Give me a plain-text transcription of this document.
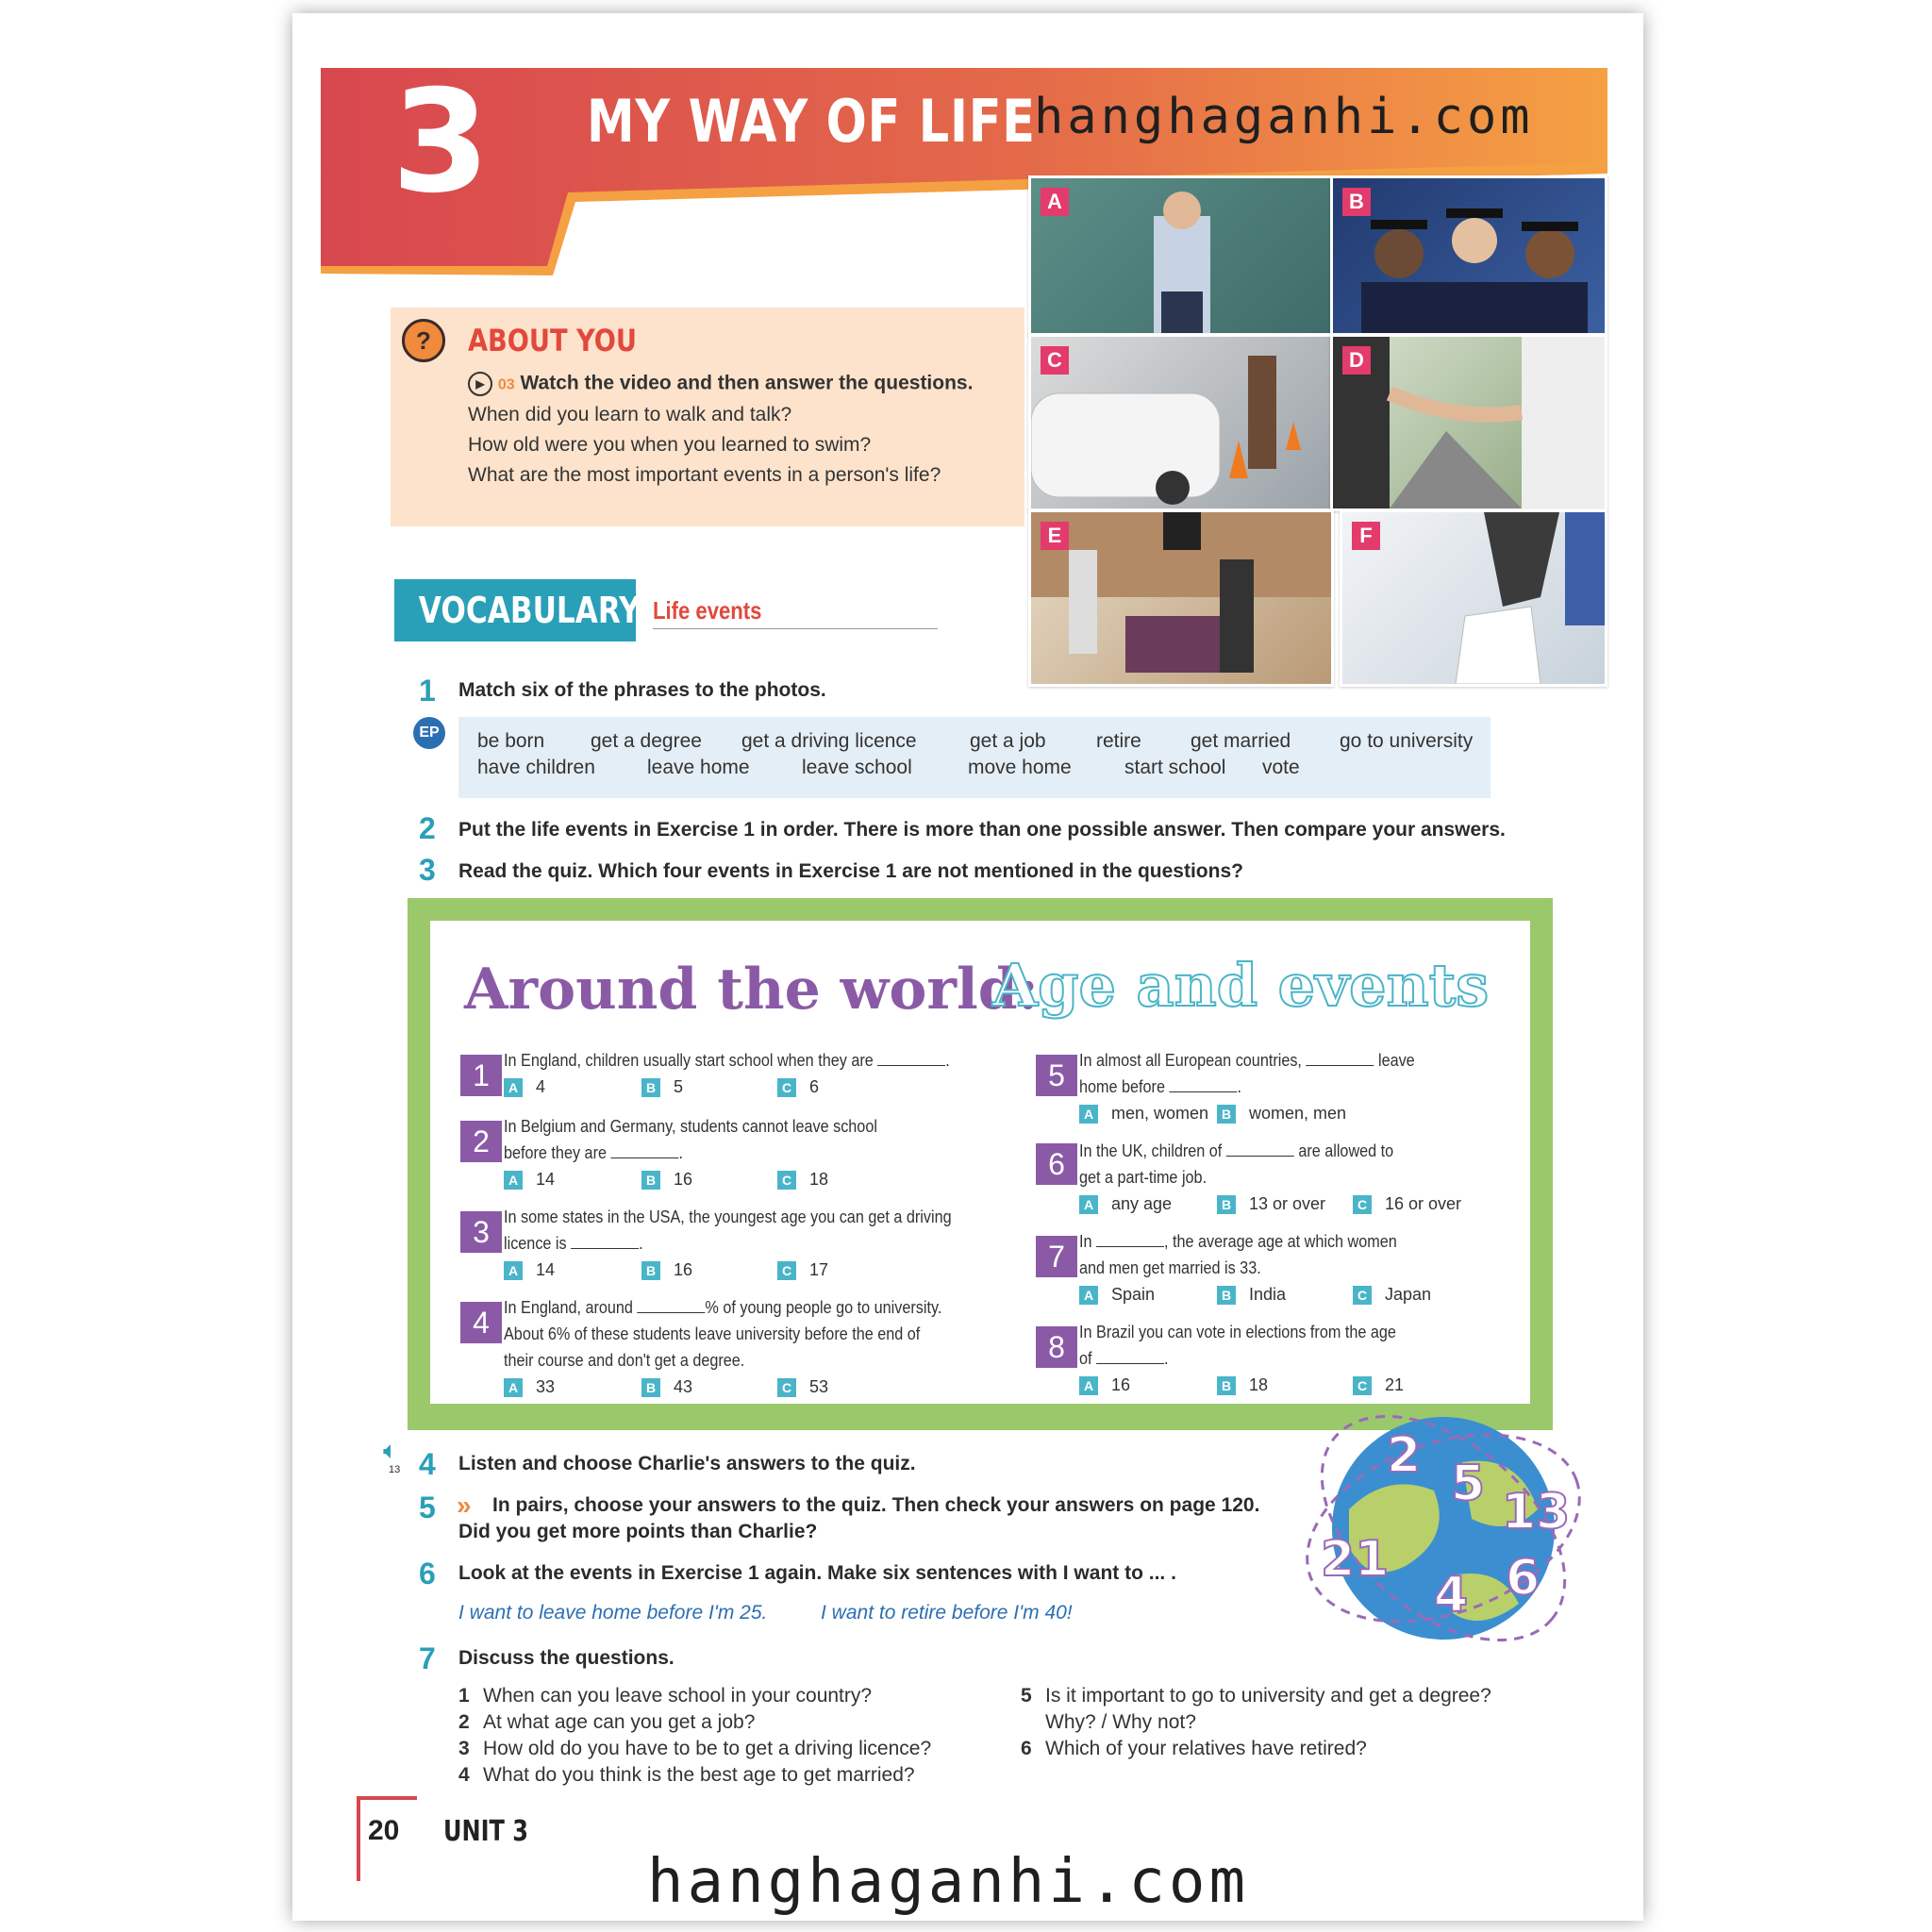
3 MY WAY OF LIFE
hanghaganhi.com
A	B
C	D
E	F
?	ABOUT YOU
▶ 03 Watch the video and then answer the questions.
When did you learn to walk and talk?
How old were you when you learned to swim?
What are the most important events in a person's life?
VOCABULARY Life events
1 Match six of the phrases to the photos.
EP	be born get a degree get a driving licence	get a job	retire get married go to university
have children	leave home	leave school	move home	start school vote
2 Put the life events in Exercise 1 in order. There is more than one possible answer. Then compare your answers.
3 Read the quiz. Which four events in Exercise 1 are not mentioned in the questions?
Around the world:
Age and events
1 In England, children usually start school when they are	.
A 4	B 5	C 6
2 In Belgium and Germany, students cannot leave school
before they are	.
A 14	B 16	C 18
3 In some states in the USA, the youngest age you can get a driving
licence is	.
A 14	B 16	C 17
4 In England, around	% of young people go to university.
About 6% of these students leave university before the end of
their course and don't get a degree.
A 33	B 43	C 53
5 In almost all European countries,	leave
home before	.
A men, women B women, men
6 In the UK, children of	are allowed to
get a part-time job.
A any age	B 13 or over	C 16 or over
7 In	, the average age at which women
and men get married is 33.
A Spain	B India	C Japan
8 In Brazil you can vote in elections from the age
of	.
A 16	B 18	C 21
🔈︎
13 4 Listen and choose Charlie's answers to the quiz.
5 » In pairs, choose your answers to the quiz. Then check your answers on page 120.
Did you get more points than Charlie?
6 Look at the events in Exercise 1 again. Make six sentences with I want to ... .
I want to leave home before I'm 25.	I want to retire before I'm 40!
2 5 13
21
4 6
7 Discuss the questions.
1 When can you leave school in your country?
2 At what age can you get a job?
3 How old do you have to be to get a driving licence?
4 What do you think is the best age to get married?
5 Is it important to go to university and get a degree?
Why? / Why not?
6 Which of your relatives have retired?
20 UNIT 3
hanghaganhi.com
